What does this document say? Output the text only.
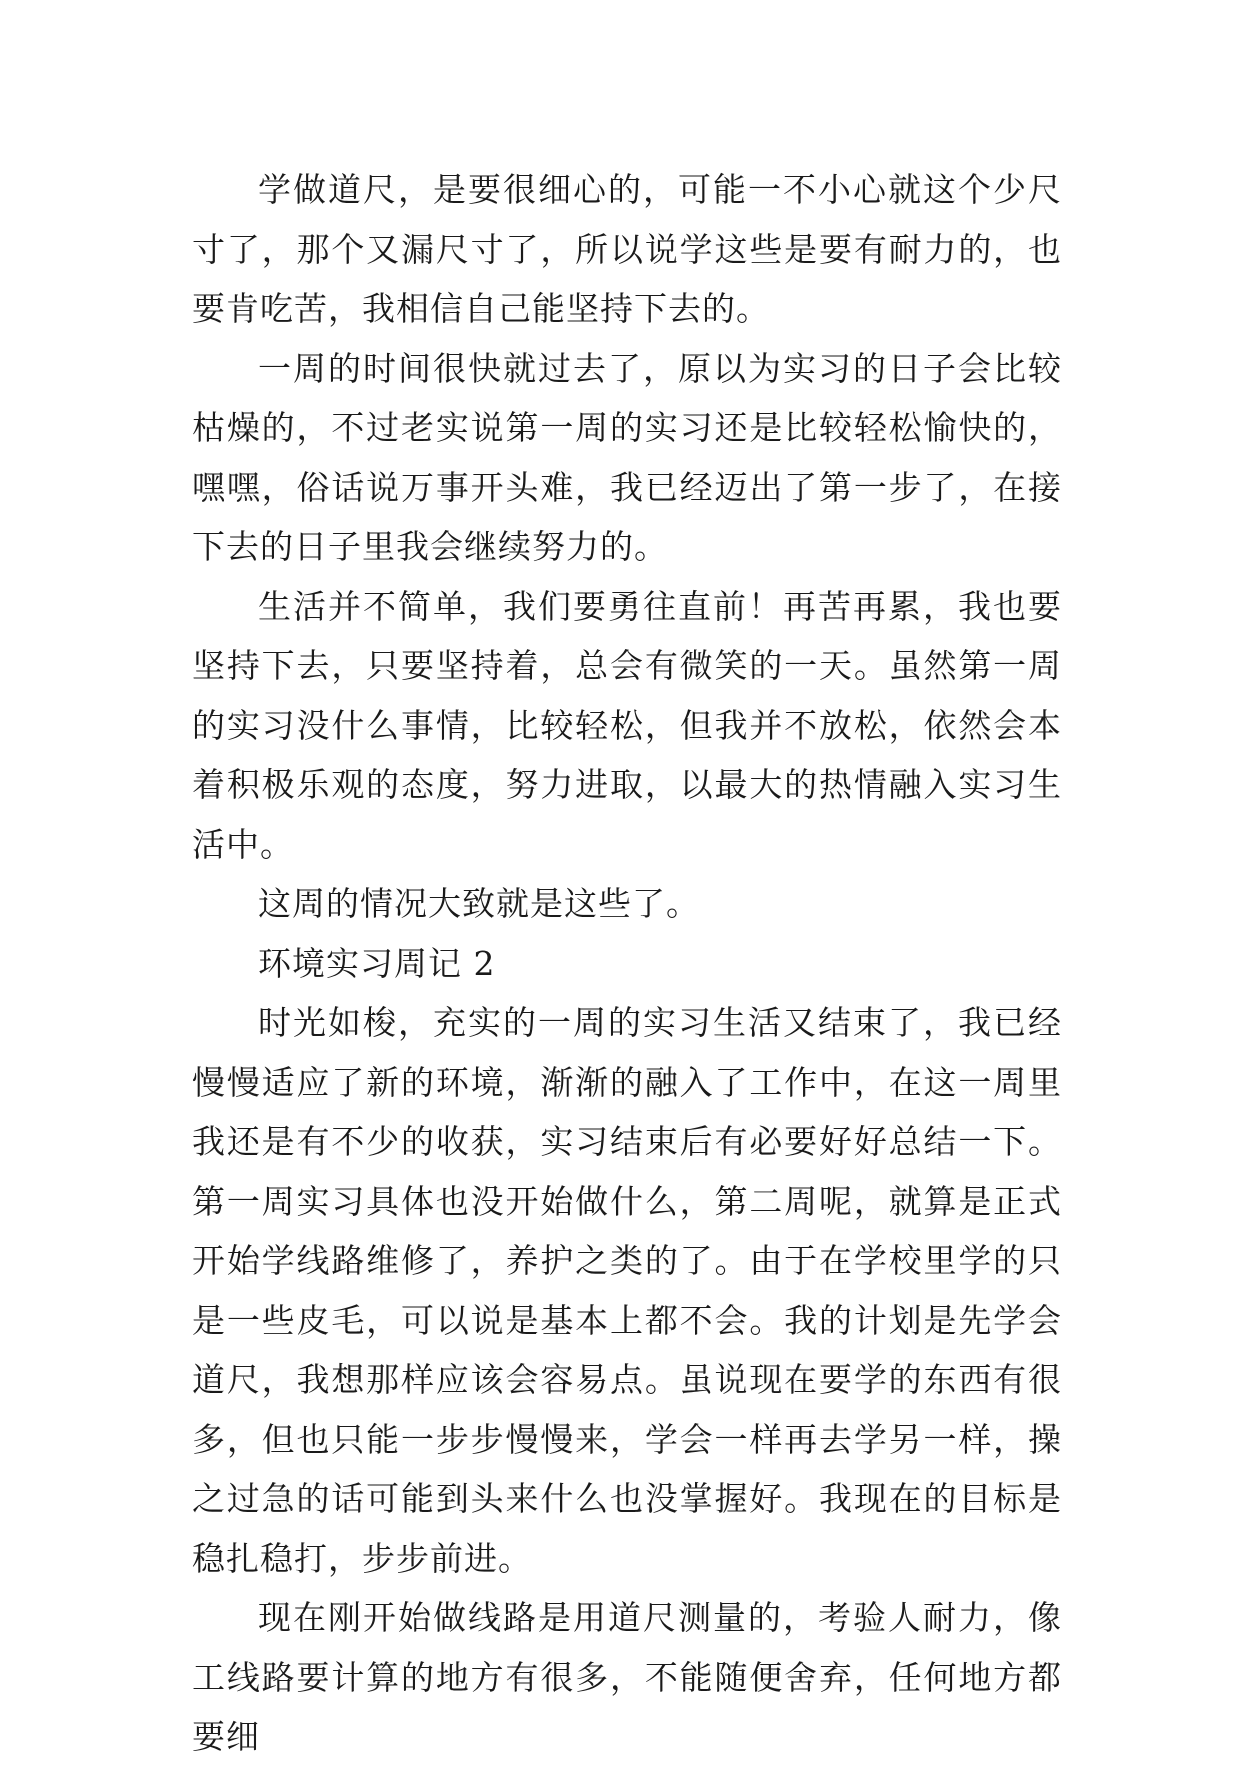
学做道尺，是要很细心的，可能一不小心就这个少尺寸了，那个又漏尺寸了，所以说学这些是要有耐力的，也要肯吃苦，我相信自己能坚持下去的。

一周的时间很快就过去了，原以为实习的日子会比较枯燥的，不过老实说第一周的实习还是比较轻松愉快的，嘿嘿，俗话说万事开头难，我已经迈出了第一步了，在接下去的日子里我会继续努力的。

生活并不简单，我们要勇往直前！再苦再累，我也要坚持下去，只要坚持着，总会有微笑的一天。虽然第一周的实习没什么事情，比较轻松，但我并不放松，依然会本着积极乐观的态度，努力进取，以最大的热情融入实习生活中。

这周的情况大致就是这些了。

环境实习周记 2

时光如梭，充实的一周的实习生活又结束了，我已经慢慢适应了新的环境，渐渐的融入了工作中，在这一周里我还是有不少的收获，实习结束后有必要好好总结一下。第一周实习具体也没开始做什么，第二周呢，就算是正式开始学线路维修了，养护之类的了。由于在学校里学的只是一些皮毛，可以说是基本上都不会。我的计划是先学会道尺，我想那样应该会容易点。虽说现在要学的东西有很多，但也只能一步步慢慢来，学会一样再去学另一样，操之过急的话可能到头来什么也没掌握好。我现在的目标是稳扎稳打，步步前进。

现在刚开始做线路是用道尺测量的，考验人耐力，像工线路要计算的地方有很多，不能随便舍弃，任何地方都要细
